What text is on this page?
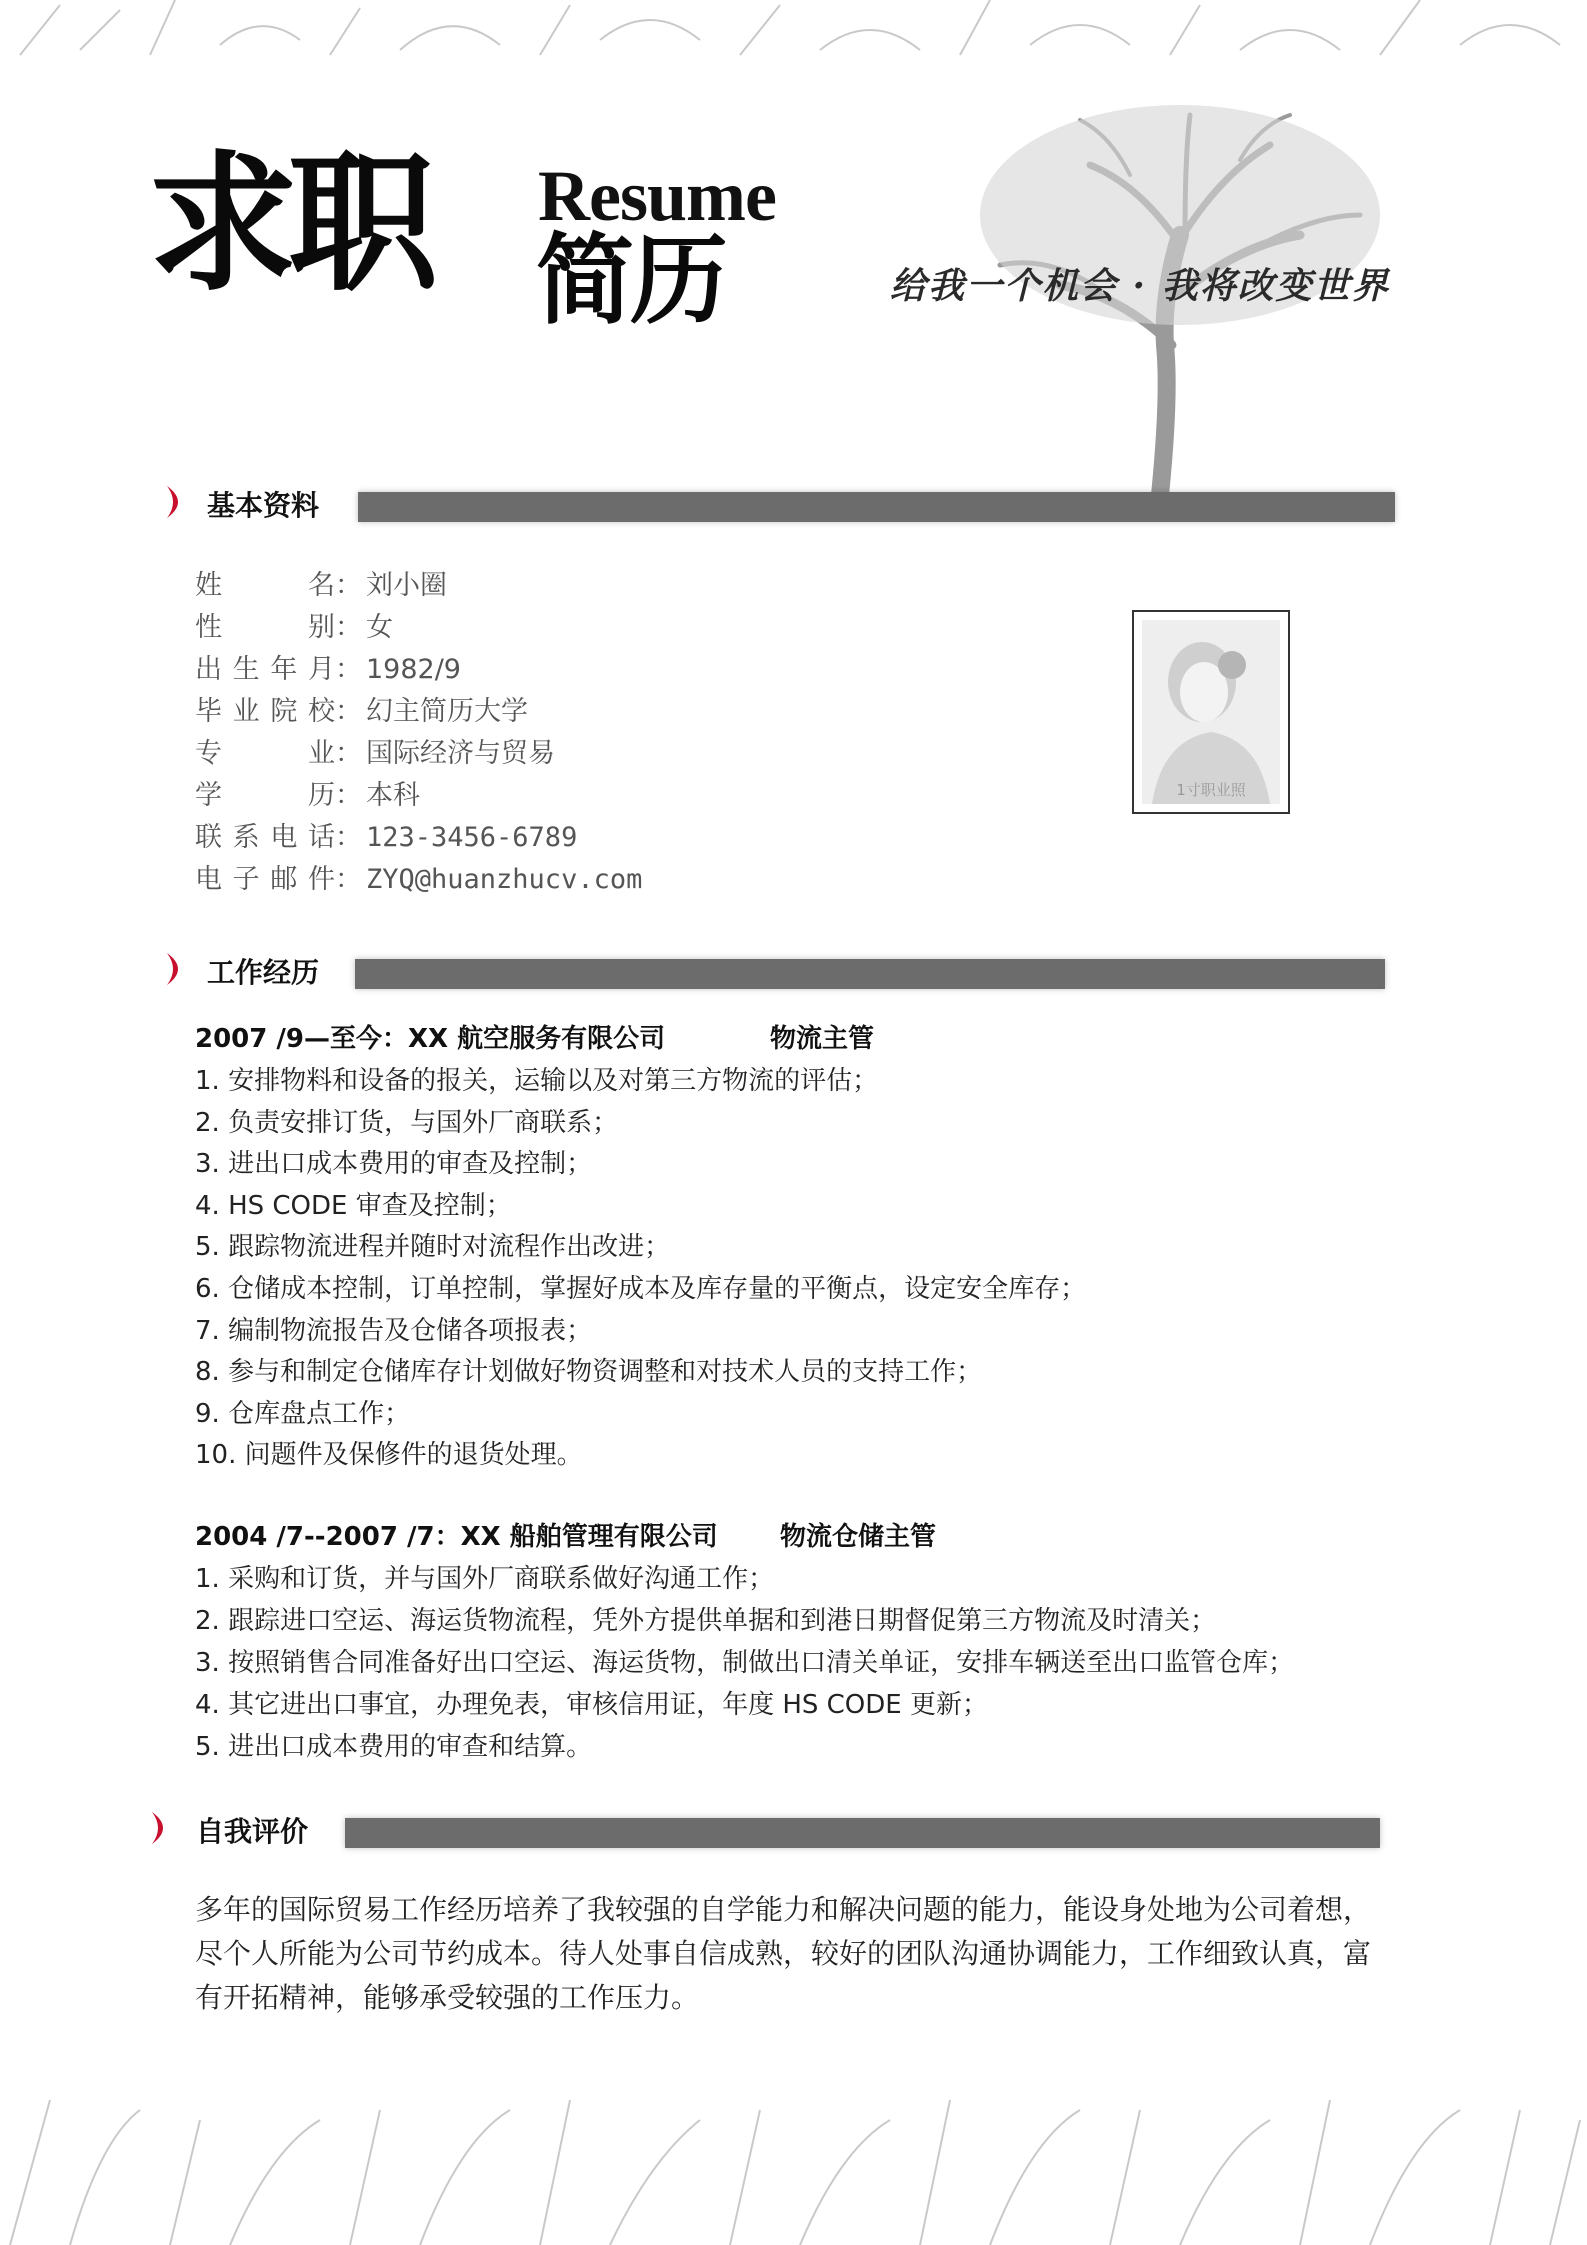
求职 Resume
简历	给我一个机会 · 我将改变世界
基本资料
姓名： 刘小圈
性别： 女
出生年月： 1982/9
毕业院校： 幻主简历大学
专业： 国际经济与贸易
学历： 本科
联系电话： 123-3456-6789
电子邮件： ZYQ@huanzhucv.com
1寸职业照
工作经历
2007 /9—至今：XX 航空服务有限公司	物流主管
1. 安排物料和设备的报关，运输以及对第三方物流的评估；
2. 负责安排订货，与国外厂商联系；
3. 进出口成本费用的审查及控制；
4. HS CODE 审查及控制；
5. 跟踪物流进程并随时对流程作出改进；
6. 仓储成本控制，订单控制，掌握好成本及库存量的平衡点，设定安全库存；
7. 编制物流报告及仓储各项报表；
8. 参与和制定仓储库存计划做好物资调整和对技术人员的支持工作；
9. 仓库盘点工作；
10. 问题件及保修件的退货处理。
2004 /7--2007 /7：XX 船舶管理有限公司 物流仓储主管
1. 采购和订货，并与国外厂商联系做好沟通工作；
2. 跟踪进口空运、海运货物流程，凭外方提供单据和到港日期督促第三方物流及时清关；
3. 按照销售合同准备好出口空运、海运货物，制做出口清关单证，安排车辆送至出口监管仓库；
4. 其它进出口事宜，办理免表，审核信用证，年度 HS CODE 更新；
5. 进出口成本费用的审查和结算。
自我评价
多年的国际贸易工作经历培养了我较强的自学能力和解决问题的能力，能设身处地为公司着想，尽个人所能为公司节约成本。待人处事自信成熟，较好的团队沟通协调能力，工作细致认真，富有开拓精神，能够承受较强的工作压力。
